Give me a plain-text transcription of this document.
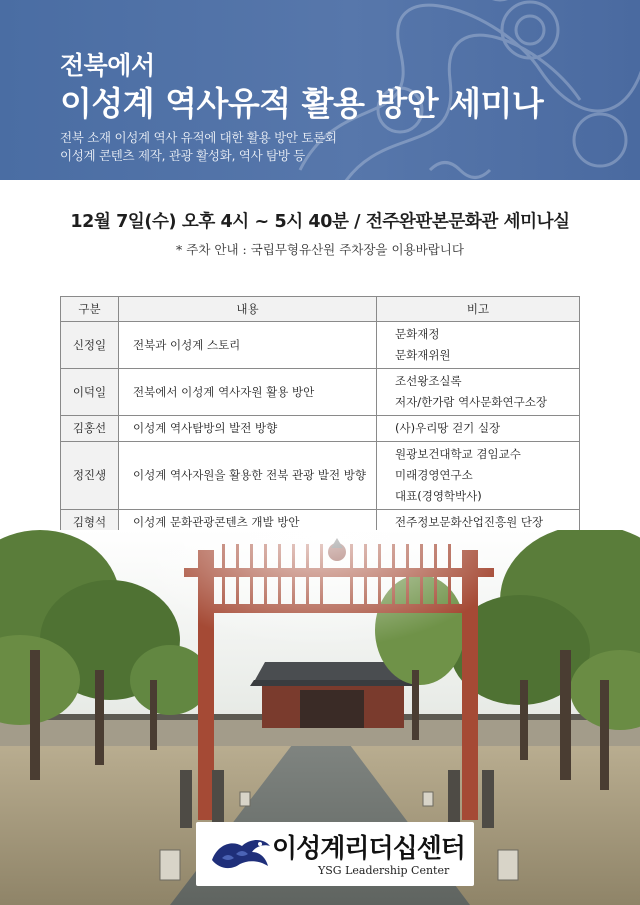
전북에서
이성계 역사유적 활용 방안 세미나
전북 소재 이성계 역사 유적에 대한 활용 방안 토론회
이성계 콘텐츠 제작, 관광 활성화, 역사 탐방 등
12월 7일(수) 오후 4시 ~ 5시 40분 / 전주완판본문화관 세미나실
* 주차 안내 : 국립무형유산원 주차장을 이용바랍니다
구분	내용	비고
신정일	전북과 이성계 스토리	문화재정
문화재위원

이덕일	전북에서 이성계 역사자원 활용 방안	조선왕조실록
저자/한가람 역사문화연구소장

김홍선	이성계 역사탐방의 발전 방향	(사)우리땅 걷기 실장

정진생	이성계 역사자원을 활용한 전북 관광 발전 방향	원광보건대학교 겸임교수
미래경영연구소
대표(경영학박사)

김형석	이성계 문화관광콘텐츠 개발 방안	전주정보문화산업진흥원 단장
이성계리더십센터
YSG Leadership Center
